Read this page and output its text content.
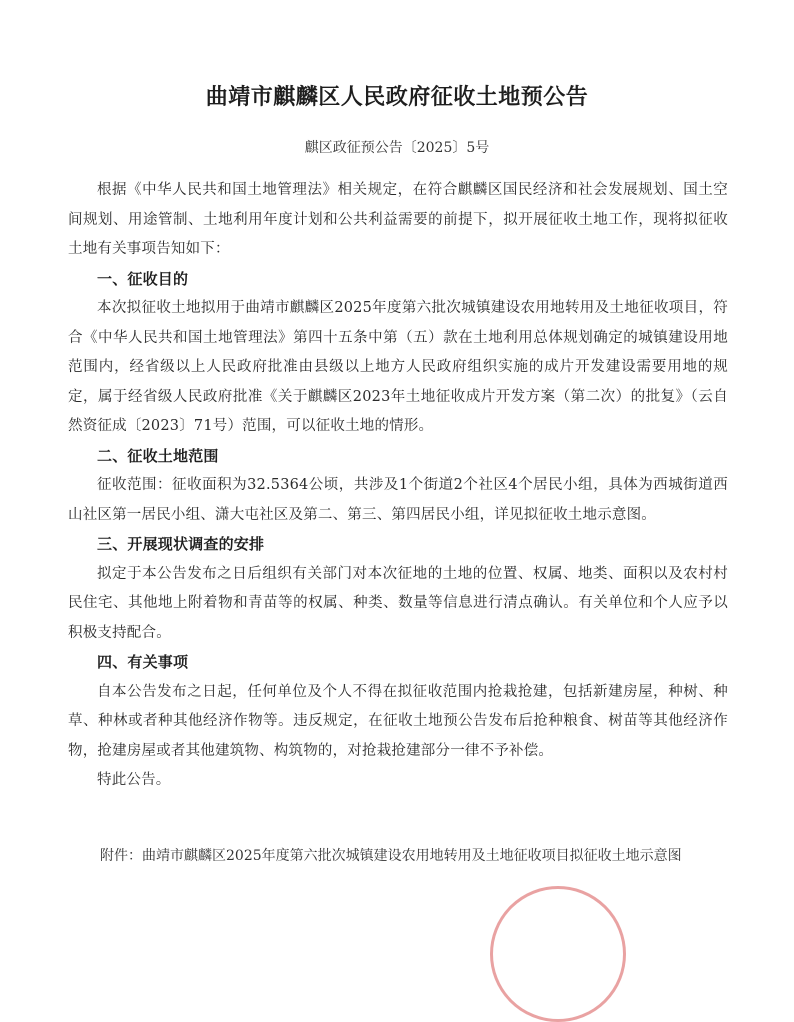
曲靖市麒麟区人民政府征收土地预公告
麒区政征预公告〔2025〕5号

根据《中华人民共和国土地管理法》相关规定，在符合麒麟区国民经济和社会发展规划、国土空间规划、用途管制、土地利用年度计划和公共利益需要的前提下，拟开展征收土地工作，现将拟征收土地有关事项告知如下：

一、征收目的

本次拟征收土地拟用于曲靖市麒麟区2025年度第六批次城镇建设农用地转用及土地征收项目，符合《中华人民共和国土地管理法》第四十五条中第（五）款在土地利用总体规划确定的城镇建设用地范围内，经省级以上人民政府批准由县级以上地方人民政府组织实施的成片开发建设需要用地的规定，属于经省级人民政府批准《关于麒麟区2023年土地征收成片开发方案（第二次）的批复》（云自然资征成〔2023〕71号）范围，可以征收土地的情形。

二、征收土地范围

征收范围：征收面积为32.5364公顷，共涉及1个街道2个社区4个居民小组，具体为西城街道西山社区第一居民小组、潇大屯社区及第二、第三、第四居民小组，详见拟征收土地示意图。

三、开展现状调查的安排

拟定于本公告发布之日后组织有关部门对本次征地的土地的位置、权属、地类、面积以及农村村民住宅、其他地上附着物和青苗等的权属、种类、数量等信息进行清点确认。有关单位和个人应予以积极支持配合。

四、有关事项

自本公告发布之日起，任何单位及个人不得在拟征收范围内抢栽抢建，包括新建房屋，种树、种草、种林或者种其他经济作物等。违反规定，在征收土地预公告发布后抢种粮食、树苗等其他经济作物，抢建房屋或者其他建筑物、构筑物的，对抢栽抢建部分一律不予补偿。

特此公告。

附件：曲靖市麒麟区2025年度第六批次城镇建设农用地转用及土地征收项目拟征收土地示意图
